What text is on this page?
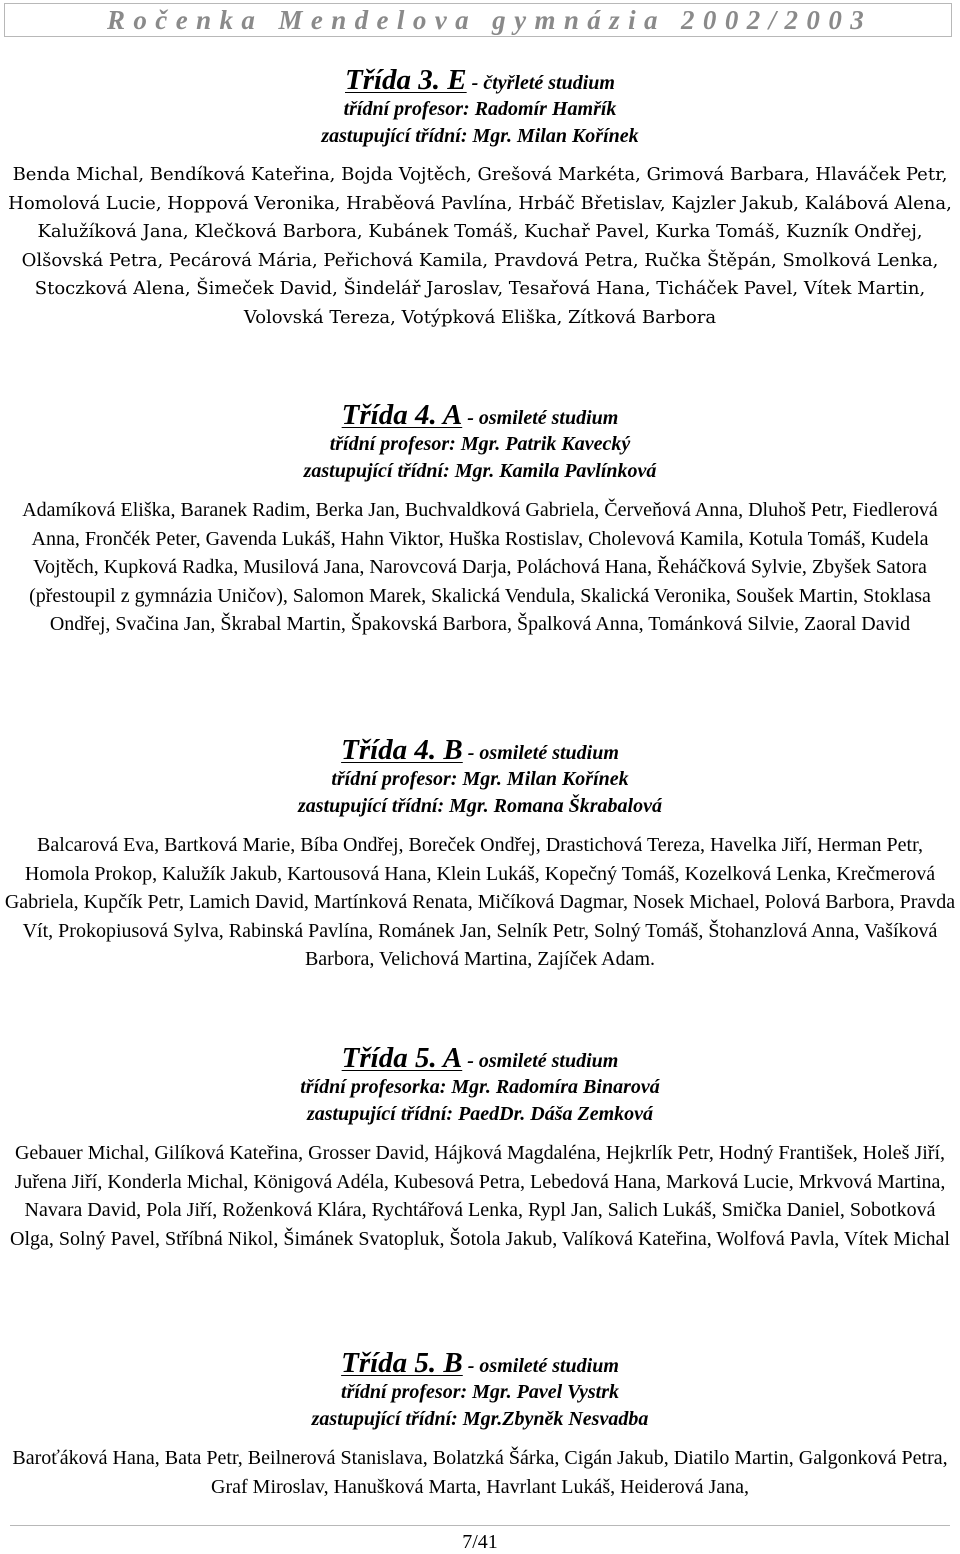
Ročenka Mendelova gymnázia 2002/2003
Třída 3. E - čtyřleté studium
třídní profesor: Radomír Hamřík
zastupující třídní: Mgr. Milan Kořínek
Benda Michal, Bendíková Kateřina, Bojda Vojtěch, Grešová Markéta, Grimová Barbara, Hlaváček Petr, Homolová Lucie, Hoppová Veronika, Hraběová Pavlína, Hrbáč Břetislav, Kajzler Jakub, Kalábová Alena, Kalužíková Jana, Klečková Barbora, Kubánek Tomáš, Kuchař Pavel, Kurka Tomáš, Kuzník Ondřej, Olšovská Petra, Pecárová Mária, Peřichová Kamila, Pravdová Petra, Ručka Štěpán, Smolková Lenka, Stoczková Alena, Šimeček David, Šindelář Jaroslav, Tesařová Hana, Ticháček Pavel, Vítek Martin, Volovská Tereza, Votýpková Eliška, Zítková Barbora
Třída 4. A - osmileté studium
třídní profesor: Mgr. Patrik Kavecký
zastupující třídní: Mgr. Kamila Pavlínková
Adamíková Eliška, Baranek Radim, Berka Jan, Buchvaldková Gabriela, Červeňová Anna, Dluhoš Petr, Fiedlerová Anna, Frončék Peter, Gavenda Lukáš, Hahn Viktor, Huška Rostislav, Cholevová Kamila, Kotula Tomáš, Kudela Vojtěch, Kupková Radka, Musilová Jana, Narovcová Darja, Poláchová Hana, Řeháčková Sylvie, Zbyšek Satora (přestoupil z gymnázia Uničov), Salomon Marek, Skalická Vendula, Skalická Veronika, Soušek Martin, Stoklasa Ondřej, Svačina Jan, Škrabal Martin, Špakovská Barbora, Špalková Anna, Tománková Silvie, Zaoral David
Třída 4. B - osmileté studium
třídní profesor: Mgr. Milan Kořínek
zastupující třídní: Mgr. Romana Škrabalová
Balcarová Eva, Bartková Marie, Bíba Ondřej, Boreček Ondřej, Drastichová Tereza, Havelka Jiří, Herman Petr, Homola Prokop, Kalužík Jakub, Kartousová Hana, Klein Lukáš, Kopečný Tomáš, Kozelková Lenka, Krečmerová Gabriela, Kupčík Petr, Lamich David, Martínková Renata, Mičíková Dagmar, Nosek Michael, Polová Barbora, Pravda Vít, Prokopiusová Sylva, Rabinská Pavlína, Románek Jan, Selník Petr, Solný Tomáš, Štohanzlová Anna, Vašíková Barbora, Velichová Martina, Zajíček Adam.
Třída 5. A - osmileté studium
třídní profesorka: Mgr. Radomíra Binarová
zastupující třídní: PaedDr. Dáša Zemková
Gebauer Michal, Gilíková Kateřina, Grosser David, Hájková Magdaléna, Hejkrlík Petr, Hodný František, Holeš Jiří, Juřena Jiří, Konderla Michal, Königová Adéla, Kubesová Petra, Lebedová Hana, Marková Lucie, Mrkvová Martina, Navara David, Pola Jiří, Roženková Klára, Rychtářová Lenka, Rypl Jan, Salich Lukáš, Smička Daniel, Sobotková Olga, Solný Pavel, Stříbná Nikol, Šimánek Svatopluk, Šotola Jakub, Valíková Kateřina, Wolfová Pavla, Vítek Michal
Třída 5. B - osmileté studium
třídní profesor: Mgr. Pavel Vystrk
zastupující třídní: Mgr.Zbyněk Nesvadba
Baroťáková Hana, Bata Petr, Beilnerová Stanislava, Bolatzká Šárka, Cigán Jakub, Diatilo Martin, Galgonková Petra, Graf Miroslav, Hanušková Marta, Havrlant Lukáš, Heiderová Jana,
7/41
